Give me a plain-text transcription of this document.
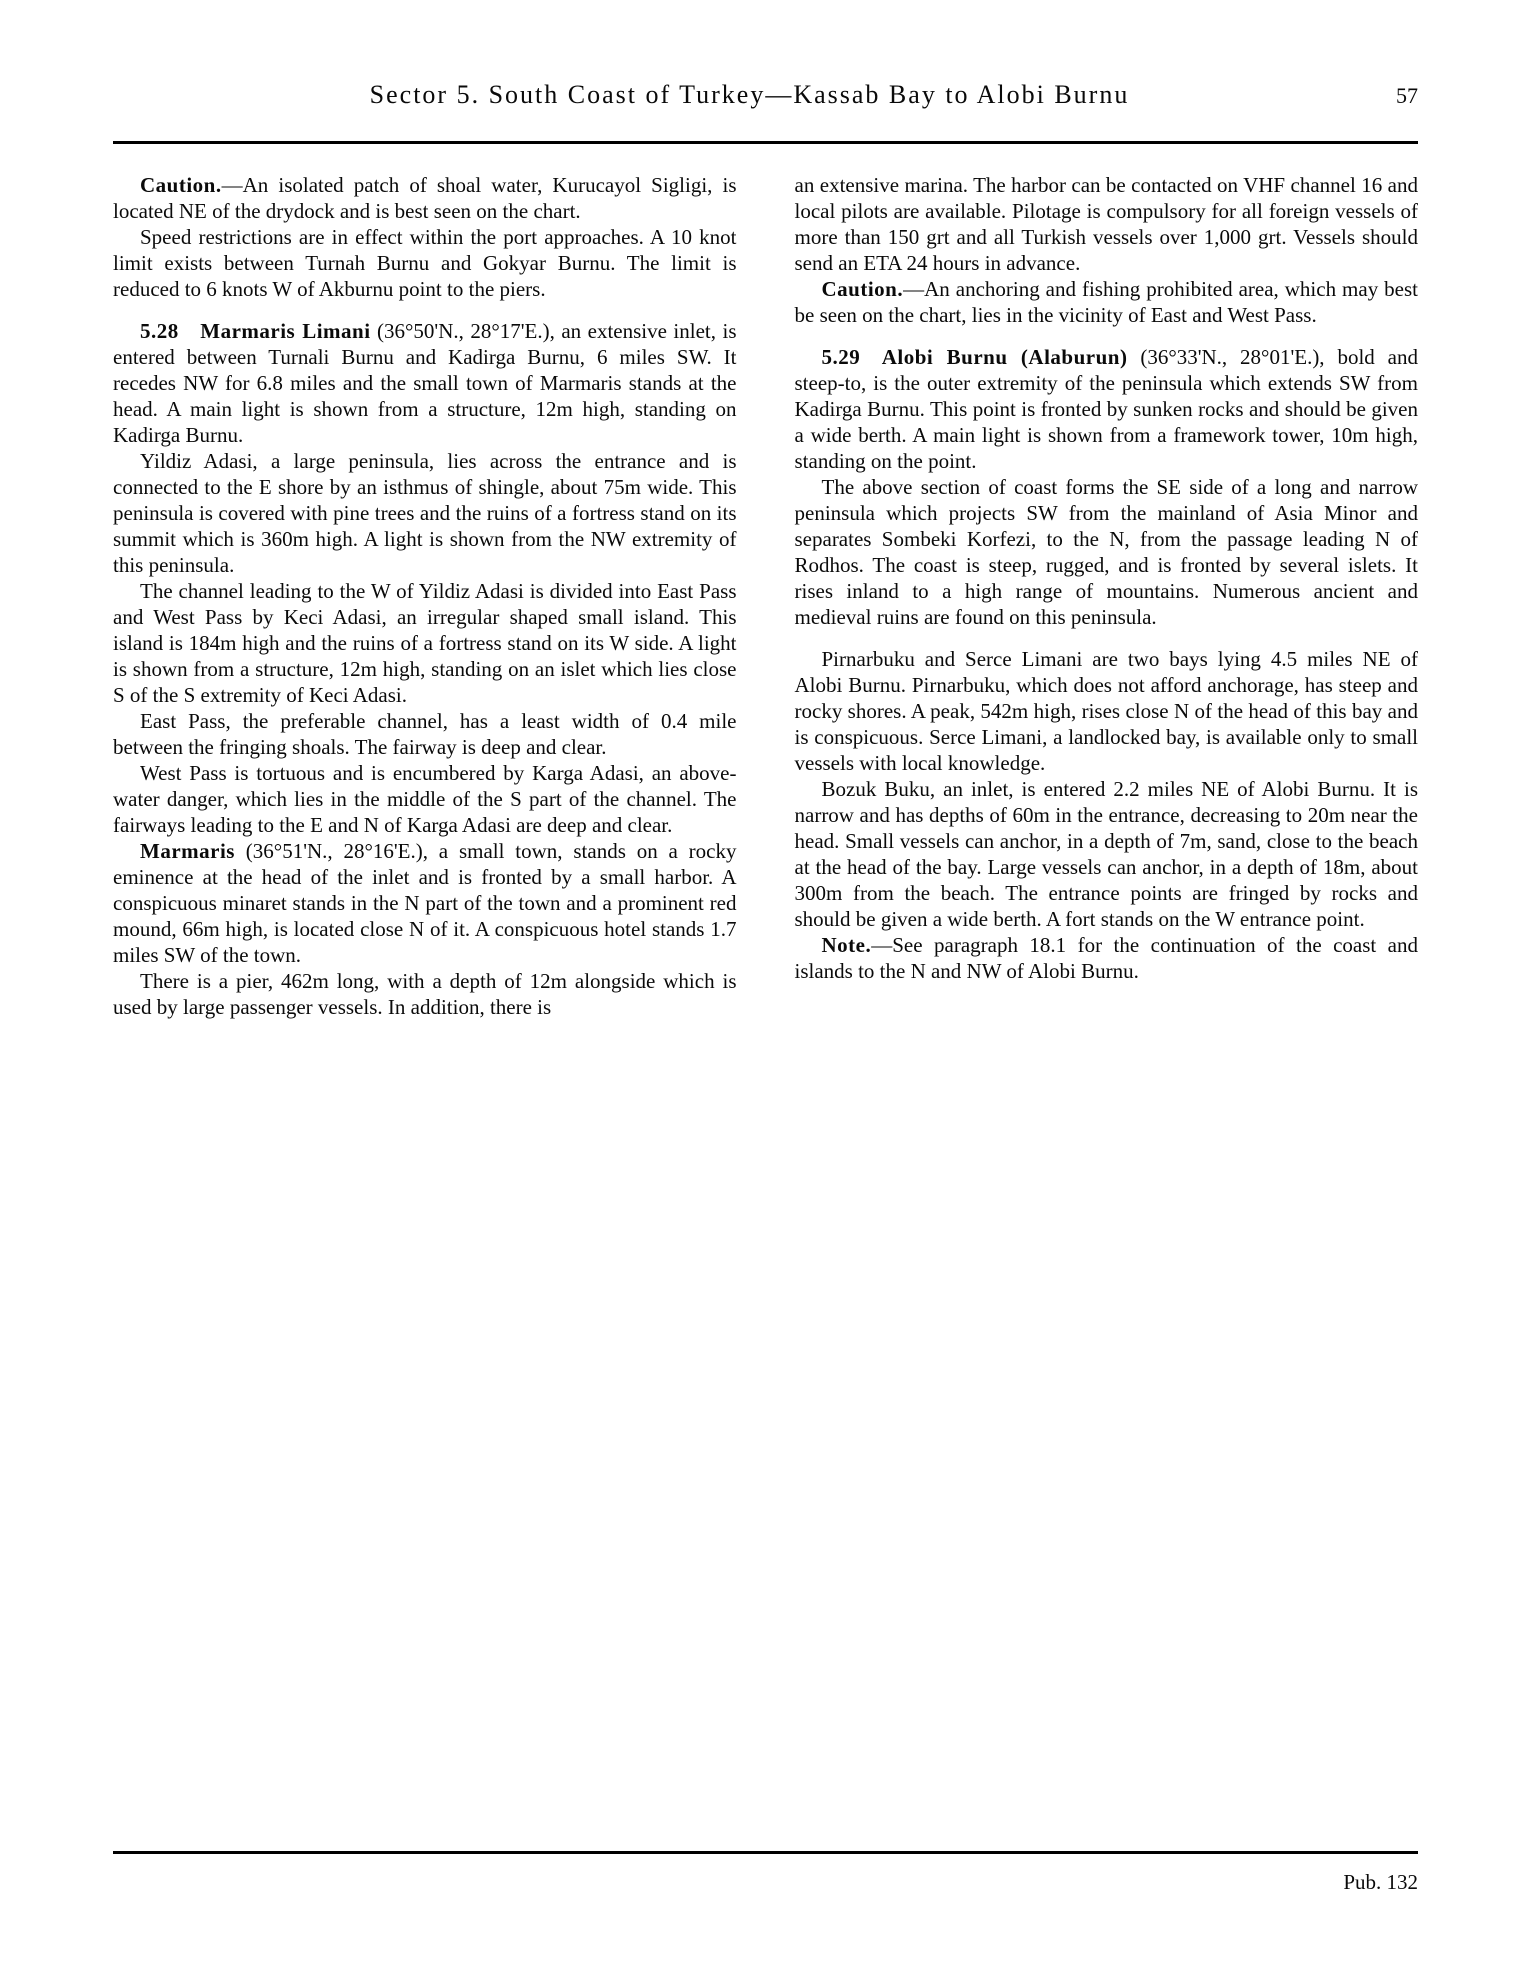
Sector 5. South Coast of Turkey—Kassab Bay to Alobi Burnu	57

Caution.—An isolated patch of shoal water, Kurucayol Sigligi, is located NE of the drydock and is best seen on the chart.

Speed restrictions are in effect within the port approaches. A 10 knot limit exists between Turnah Burnu and Gokyar Burnu. The limit is reduced to 6 knots W of Akburnu point to the piers.

5.28 Marmaris Limani (36°50'N., 28°17'E.), an extensive inlet, is entered between Turnali Burnu and Kadirga Burnu, 6 miles SW. It recedes NW for 6.8 miles and the small town of Marmaris stands at the head. A main light is shown from a structure, 12m high, standing on Kadirga Burnu.

Yildiz Adasi, a large peninsula, lies across the entrance and is connected to the E shore by an isthmus of shingle, about 75m wide. This peninsula is covered with pine trees and the ruins of a fortress stand on its summit which is 360m high. A light is shown from the NW extremity of this peninsula.

The channel leading to the W of Yildiz Adasi is divided into East Pass and West Pass by Keci Adasi, an irregular shaped small island. This island is 184m high and the ruins of a fortress stand on its W side. A light is shown from a structure, 12m high, standing on an islet which lies close S of the S extremity of Keci Adasi.

East Pass, the preferable channel, has a least width of 0.4 mile between the fringing shoals. The fairway is deep and clear.

West Pass is tortuous and is encumbered by Karga Adasi, an above-water danger, which lies in the middle of the S part of the channel. The fairways leading to the E and N of Karga Adasi are deep and clear.

Marmaris (36°51'N., 28°16'E.), a small town, stands on a rocky eminence at the head of the inlet and is fronted by a small harbor. A conspicuous minaret stands in the N part of the town and a prominent red mound, 66m high, is located close N of it. A conspicuous hotel stands 1.7 miles SW of the town.

There is a pier, 462m long, with a depth of 12m alongside which is used by large passenger vessels. In addition, there is

an extensive marina. The harbor can be contacted on VHF channel 16 and local pilots are available. Pilotage is compulsory for all foreign vessels of more than 150 grt and all Turkish vessels over 1,000 grt. Vessels should send an ETA 24 hours in advance.

Caution.—An anchoring and fishing prohibited area, which may best be seen on the chart, lies in the vicinity of East and West Pass.

5.29 Alobi Burnu (Alaburun) (36°33'N., 28°01'E.), bold and steep-to, is the outer extremity of the peninsula which extends SW from Kadirga Burnu. This point is fronted by sunken rocks and should be given a wide berth. A main light is shown from a framework tower, 10m high, standing on the point.

The above section of coast forms the SE side of a long and narrow peninsula which projects SW from the mainland of Asia Minor and separates Sombeki Korfezi, to the N, from the passage leading N of Rodhos. The coast is steep, rugged, and is fronted by several islets. It rises inland to a high range of mountains. Numerous ancient and medieval ruins are found on this peninsula.

Pirnarbuku and Serce Limani are two bays lying 4.5 miles NE of Alobi Burnu. Pirnarbuku, which does not afford anchorage, has steep and rocky shores. A peak, 542m high, rises close N of the head of this bay and is conspicuous. Serce Limani, a landlocked bay, is available only to small vessels with local knowledge.

Bozuk Buku, an inlet, is entered 2.2 miles NE of Alobi Burnu. It is narrow and has depths of 60m in the entrance, decreasing to 20m near the head. Small vessels can anchor, in a depth of 7m, sand, close to the beach at the head of the bay. Large vessels can anchor, in a depth of 18m, about 300m from the beach. The entrance points are fringed by rocks and should be given a wide berth. A fort stands on the W entrance point.

Note.—See paragraph 18.1 for the continuation of the coast and islands to the N and NW of Alobi Burnu.

Pub. 132
